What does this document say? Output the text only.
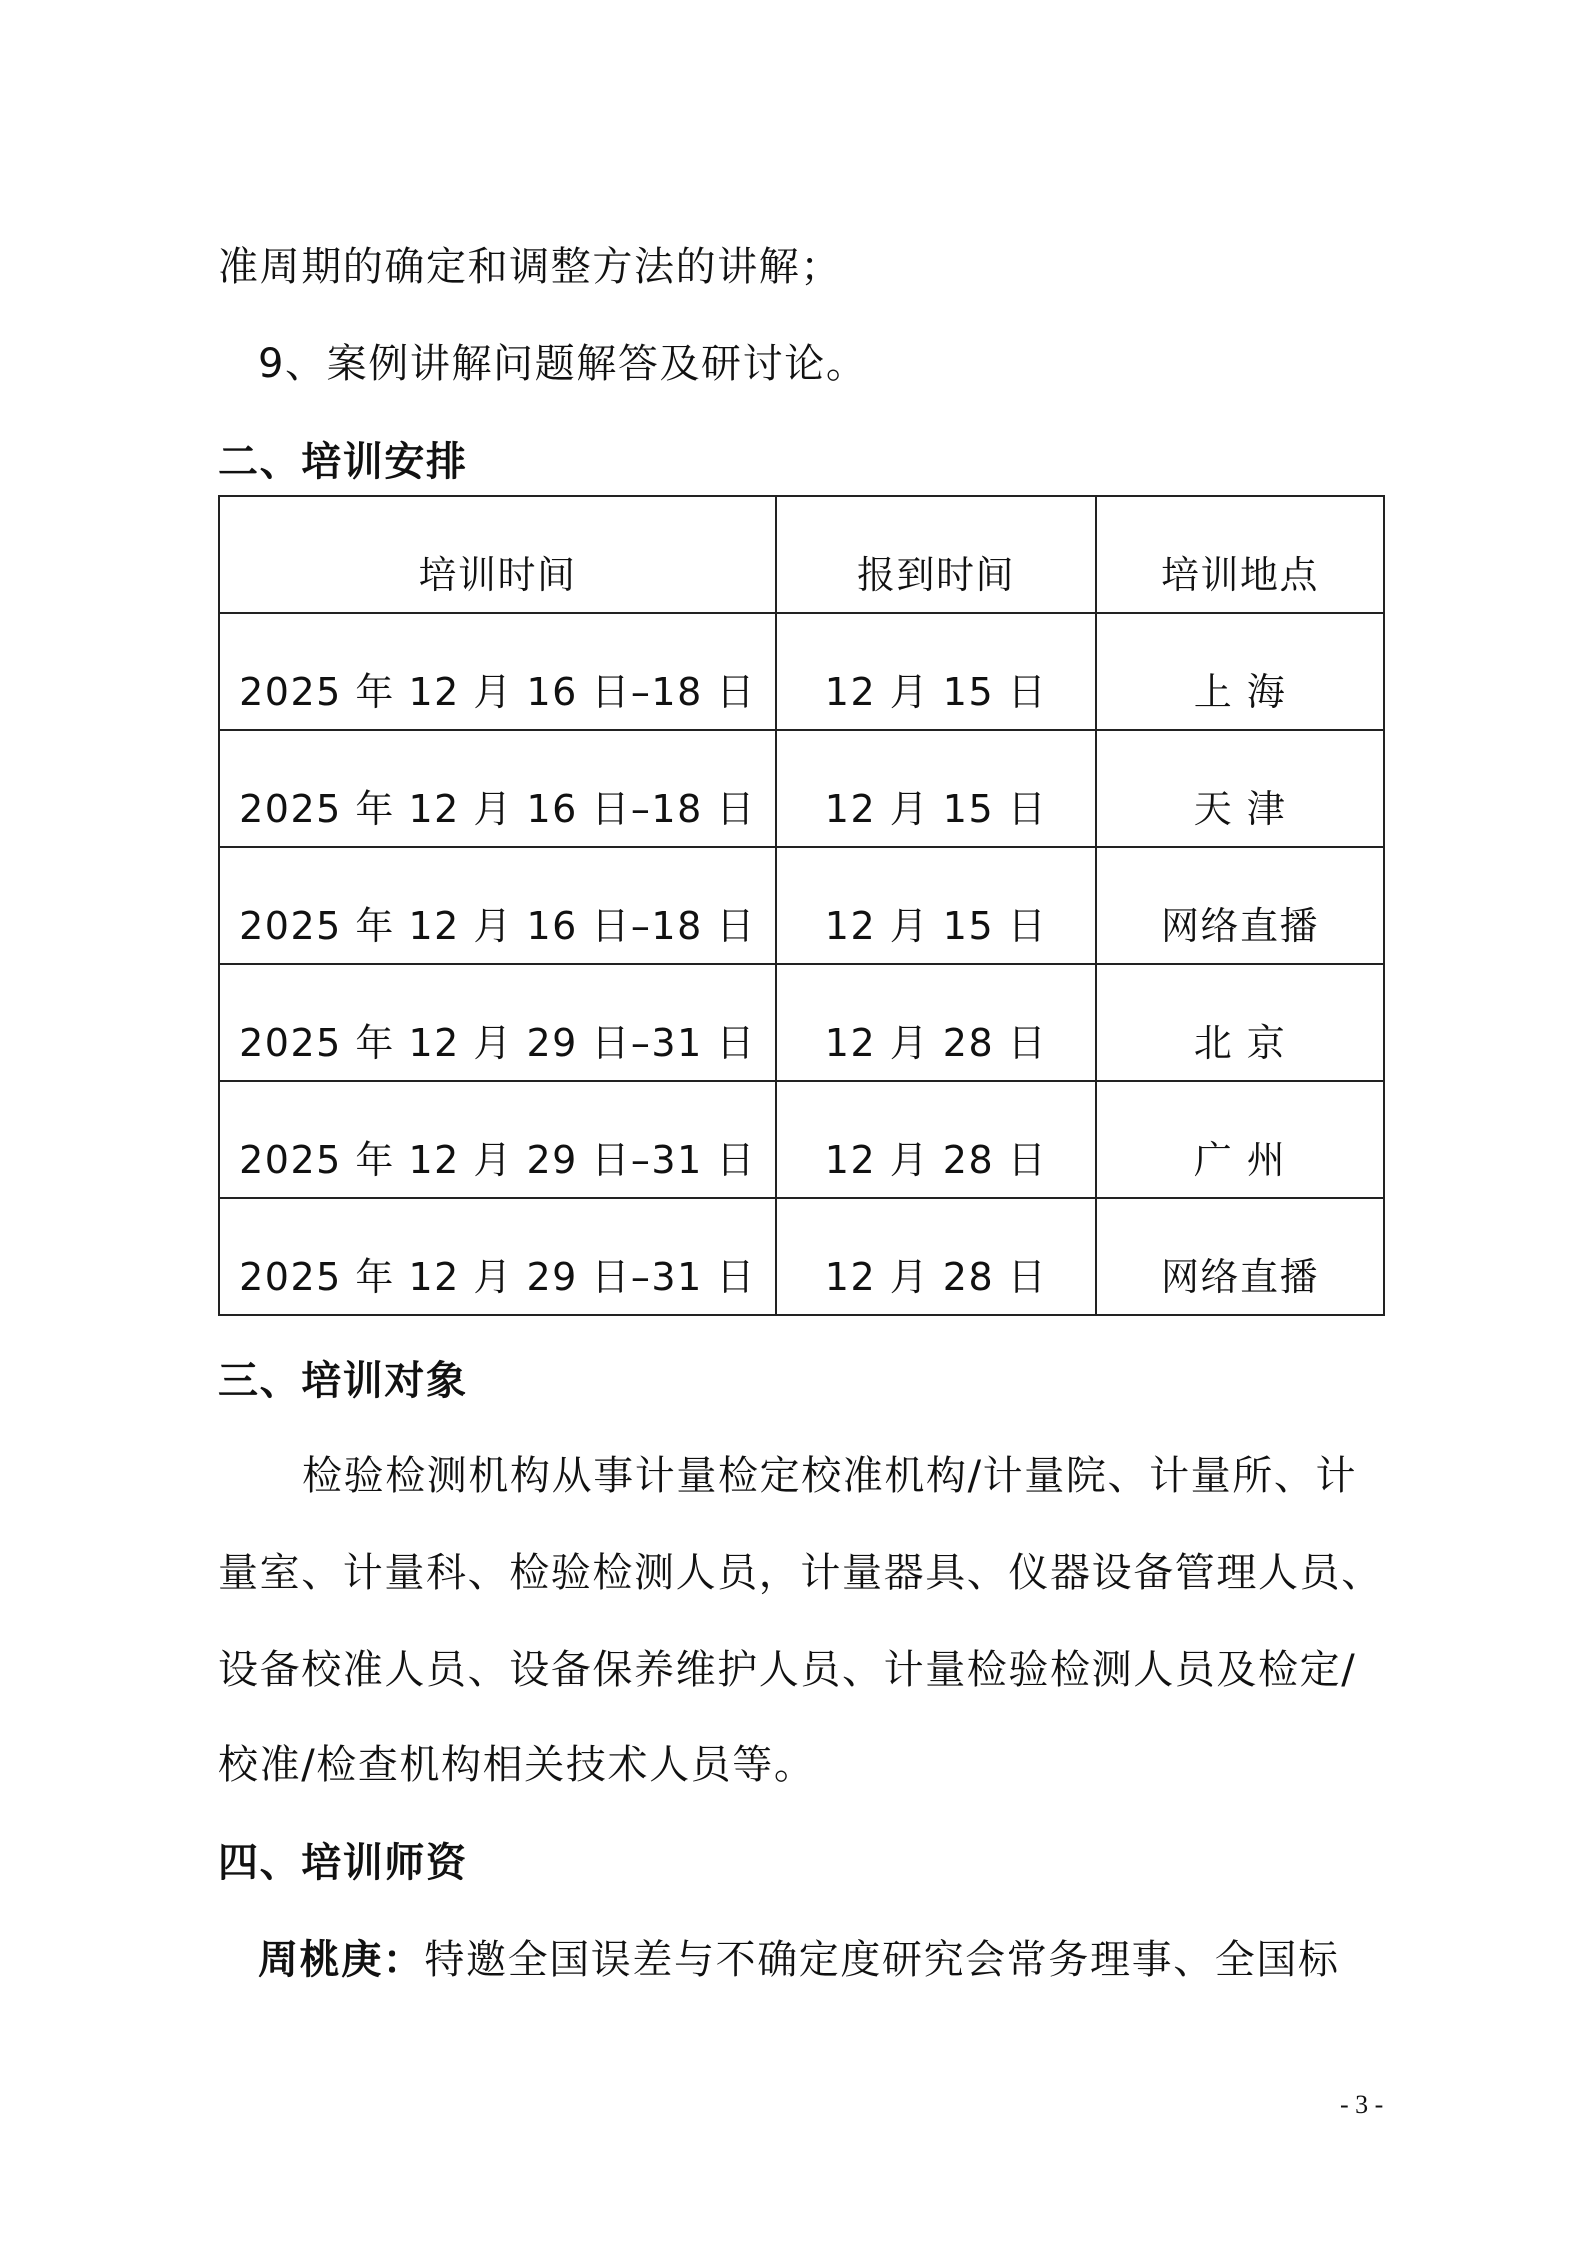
准周期的确定和调整方法的讲解；
9、案例讲解问题解答及研讨论。
二、培训安排
培训时间	报到时间	培训地点
2025 年 12 月 16 日–18 日	12 月 15 日	上 海
2025 年 12 月 16 日–18 日	12 月 15 日	天 津
2025 年 12 月 16 日–18 日	12 月 15 日	网络直播
2025 年 12 月 29 日–31 日	12 月 28 日	北 京
2025 年 12 月 29 日–31 日	12 月 28 日	广 州
2025 年 12 月 29 日–31 日	12 月 28 日	网络直播
三、培训对象
检验检测机构从事计量检定校准机构/计量院、计量所、计
量室、计量科、检验检测人员，计量器具、仪器设备管理人员、
设备校准人员、设备保养维护人员、计量检验检测人员及检定/
校准/检查机构相关技术人员等。
四、培训师资
周桃庚：特邀全国误差与不确定度研究会常务理事、全国标
- 3 -
